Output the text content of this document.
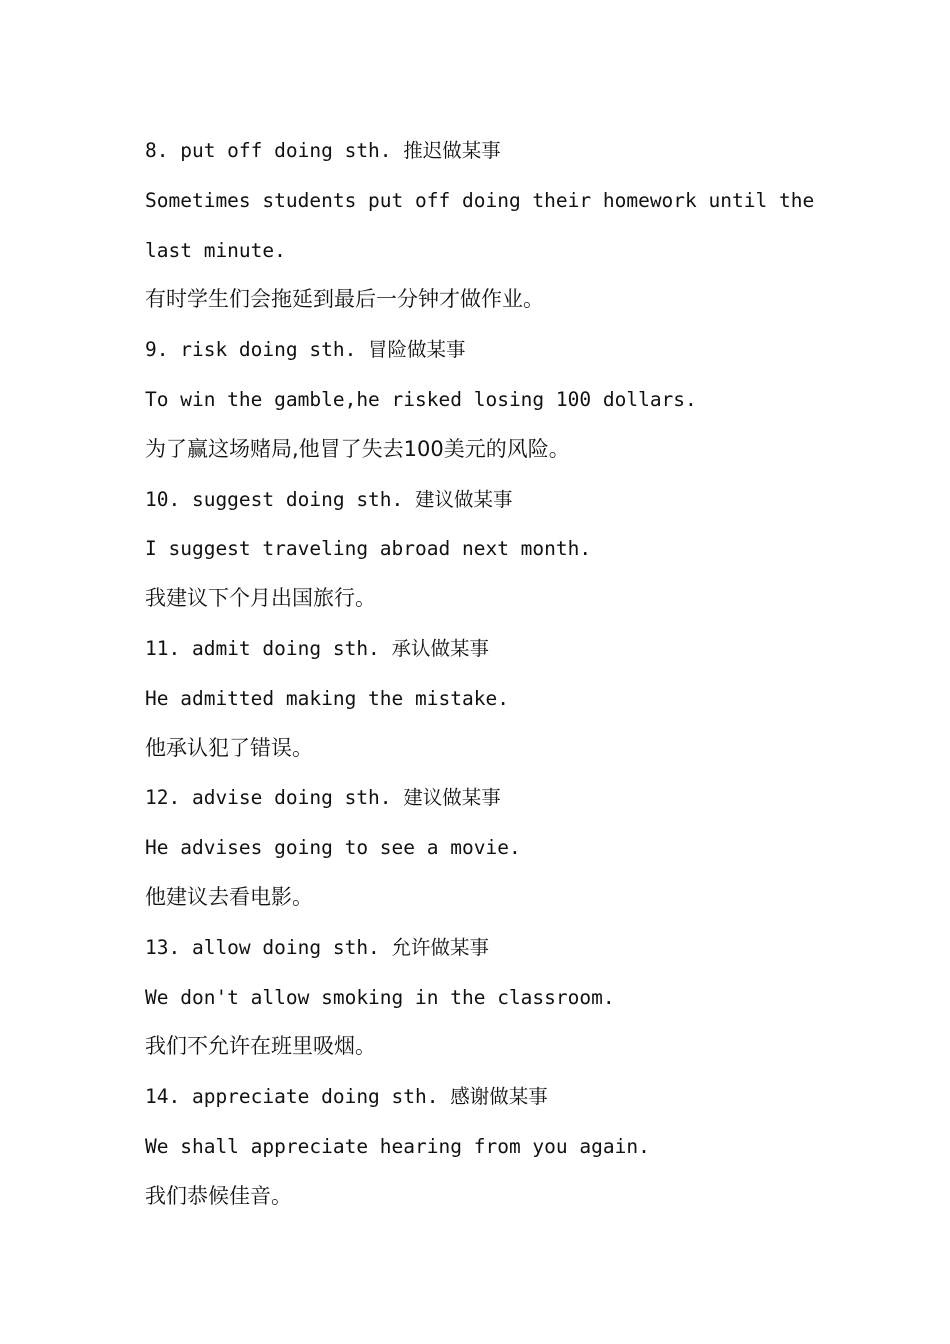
8. put off doing sth. 推迟做某事
Sometimes students put off doing their homework until the
last minute.
有时学生们会拖延到最后一分钟才做作业。
9. risk doing sth. 冒险做某事
To win the gamble,he risked losing 100 dollars.
为了赢这场赌局,他冒了失去100美元的风险。
10. suggest doing sth. 建议做某事
I suggest traveling abroad next month.
我建议下个月出国旅行。
11. admit doing sth. 承认做某事
He admitted making the mistake.
他承认犯了错误。
12. advise doing sth. 建议做某事
He advises going to see a movie.
他建议去看电影。
13. allow doing sth. 允许做某事
We don't allow smoking in the classroom.
我们不允许在班里吸烟。
14. appreciate doing sth. 感谢做某事
We shall appreciate hearing from you again.
我们恭候佳音。
